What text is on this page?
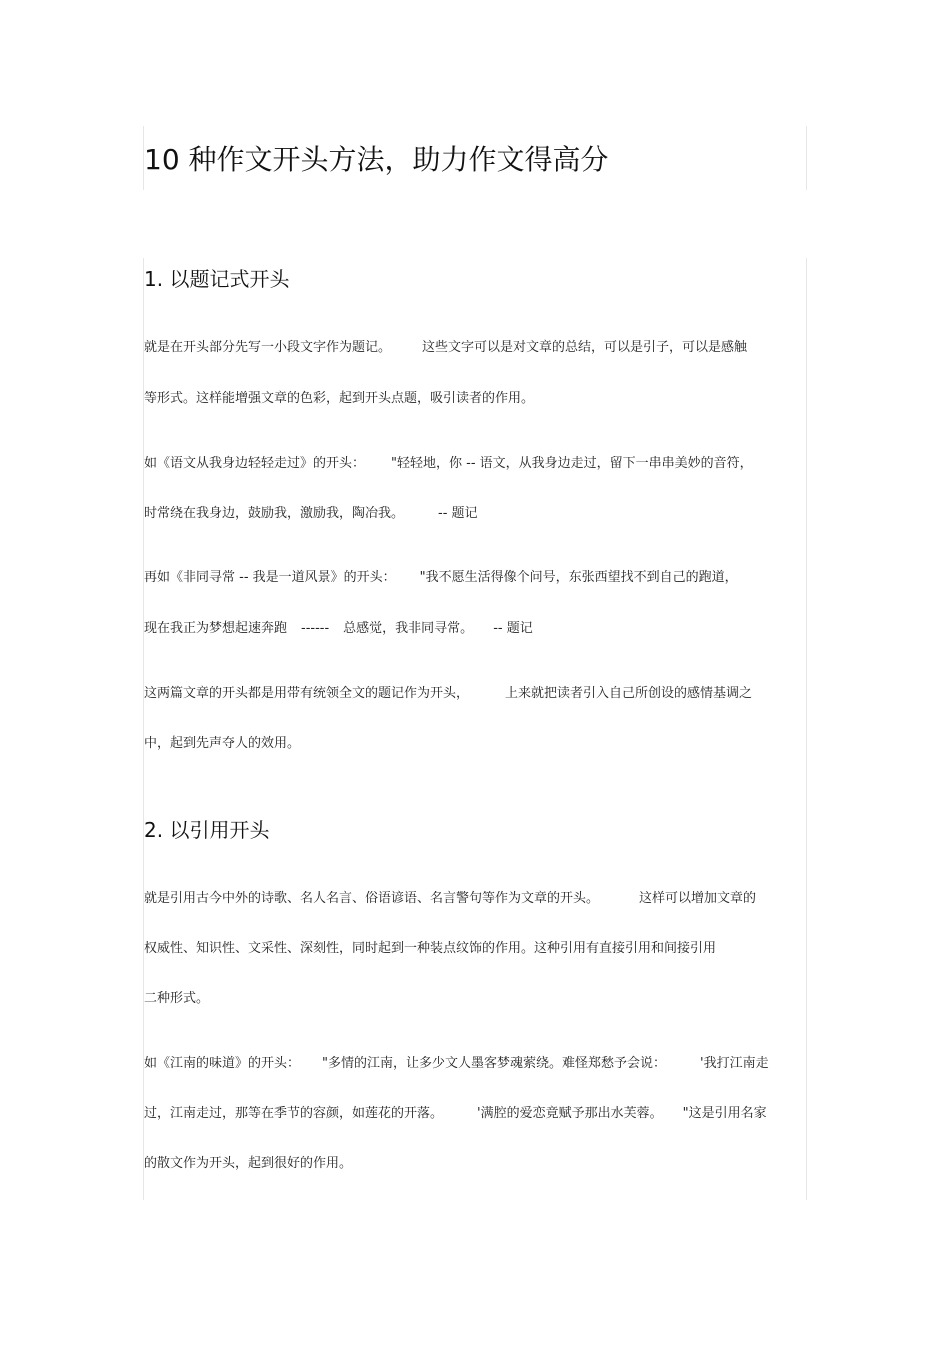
10 种作文开头方法，助力作文得高分
1. 以题记式开头
就是在开头部分先写一小段文字作为题记。 这些文字可以是对文章的总结，可以是引子，可以是感触
等形式。这样能增强文章的色彩，起到开头点题，吸引读者的作用。
如《语文从我身边轻轻走过》的开头： "轻轻地，你 -- 语文，从我身边走过，留下一串串美妙的音符，
时常绕在我身边，鼓励我，激励我，陶冶我。	-- 题记
再如《非同寻常 -- 我是一道风景》的开头： "我不愿生活得像个问号，东张西望找不到自己的跑道，
现在我正为梦想起速奔跑 ------ 总感觉，我非同寻常。 -- 题记
这两篇文章的开头都是用带有统领全文的题记作为开头，	上来就把读者引入自己所创设的感情基调之
中，起到先声夺人的效用。
2. 以引用开头
就是引用古今中外的诗歌、名人名言、俗语谚语、名言警句等作为文章的开头。	这样可以增加文章的
权威性、知识性、文采性、深刻性，同时起到一种装点纹饰的作用。这种引用有直接引用和间接引用
二种形式。
如《江南的味道》的开头： "多情的江南，让多少文人墨客梦魂萦绕。难怪郑愁予会说：	'我打江南走
过，江南走过，那等在季节的容颜，如莲花的开落。	'满腔的爱恋竟赋予那出水芙蓉。 "这是引用名家
的散文作为开头，起到很好的作用。
